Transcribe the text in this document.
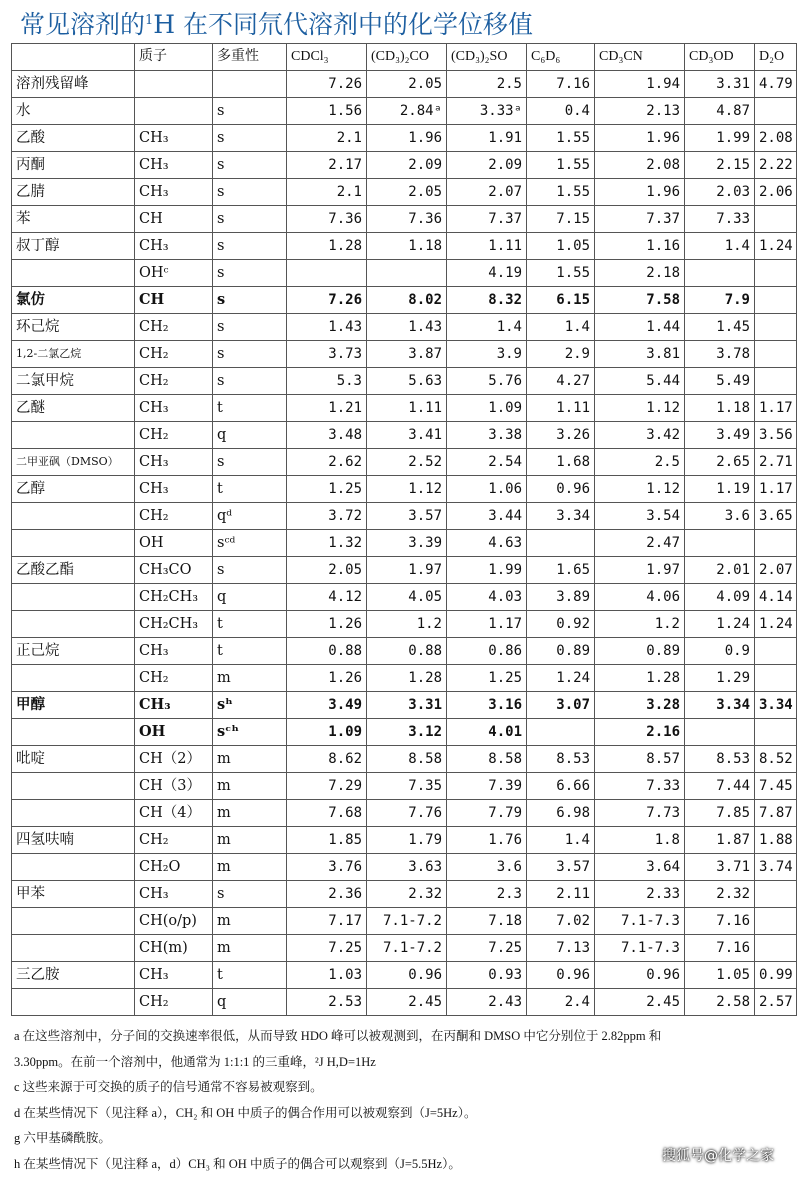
常见溶剂的$^1$H 在不同氘代溶剂中的化学位移值
	质子	多重性	CDCl₃	(CD₃)₂CO	(CD₃)₂SO	C₆D₆	CD₃CN	CD₃OD	D₂O
溶剂残留峰			7.26	2.05	2.5	7.16	1.94	3.31	4.79
水		s	1.56	2.84ᵃ	3.33ᵃ	0.4	2.13	4.87	
乙酸	CH₃	s	2.1	1.96	1.91	1.55	1.96	1.99	2.08
丙酮	CH₃	s	2.17	2.09	2.09	1.55	2.08	2.15	2.22
乙腈	CH₃	s	2.1	2.05	2.07	1.55	1.96	2.03	2.06
苯	CH	s	7.36	7.36	7.37	7.15	7.37	7.33	
叔丁醇	CH₃	s	1.28	1.18	1.11	1.05	1.16	1.4	1.24
	OHᶜ	s			4.19	1.55	2.18		
氯仿	CH	s	7.26	8.02	8.32	6.15	7.58	7.9	
环己烷	CH₂	s	1.43	1.43	1.4	1.4	1.44	1.45	
1,2-二氯乙烷	CH₂	s	3.73	3.87	3.9	2.9	3.81	3.78	
二氯甲烷	CH₂	s	5.3	5.63	5.76	4.27	5.44	5.49	
乙醚	CH₃	t	1.21	1.11	1.09	1.11	1.12	1.18	1.17
	CH₂	q	3.48	3.41	3.38	3.26	3.42	3.49	3.56
二甲亚砜（DMSO）	CH₃	s	2.62	2.52	2.54	1.68	2.5	2.65	2.71
乙醇	CH₃	t	1.25	1.12	1.06	0.96	1.12	1.19	1.17
	CH₂	qᵈ	3.72	3.57	3.44	3.34	3.54	3.6	3.65
	OH	sᶜᵈ	1.32	3.39	4.63		2.47		
乙酸乙酯	CH₃CO	s	2.05	1.97	1.99	1.65	1.97	2.01	2.07
	CH₂CH₃	q	4.12	4.05	4.03	3.89	4.06	4.09	4.14
	CH₂CH₃	t	1.26	1.2	1.17	0.92	1.2	1.24	1.24
正己烷	CH₃	t	0.88	0.88	0.86	0.89	0.89	0.9	
	CH₂	m	1.26	1.28	1.25	1.24	1.28	1.29	
甲醇	CH₃	sʰ	3.49	3.31	3.16	3.07	3.28	3.34	3.34
	OH	sᶜʰ	1.09	3.12	4.01		2.16		
吡啶	CH（2）	m	8.62	8.58	8.58	8.53	8.57	8.53	8.52
	CH（3）	m	7.29	7.35	7.39	6.66	7.33	7.44	7.45
	CH（4）	m	7.68	7.76	7.79	6.98	7.73	7.85	7.87
四氢呋喃	CH₂	m	1.85	1.79	1.76	1.4	1.8	1.87	1.88
	CH₂O	m	3.76	3.63	3.6	3.57	3.64	3.71	3.74
甲苯	CH₃	s	2.36	2.32	2.3	2.11	2.33	2.32	
	CH(o/p)	m	7.17	7.1-7.2	7.18	7.02	7.1-7.3	7.16	
	CH(m)	m	7.25	7.1-7.2	7.25	7.13	7.1-7.3	7.16	
三乙胺	CH₃	t	1.03	0.96	0.93	0.96	0.96	1.05	0.99
	CH₂	q	2.53	2.45	2.43	2.4	2.45	2.58	2.57
a 在这些溶剂中，分子间的交换速率很低，从而导致 HDO 峰可以被观测到，在丙酮和 DMSO 中它分别位于 2.82ppm 和
3.30ppm。在前一个溶剂中，他通常为 1:1:1 的三重峰，²J H,D=1Hz
c 这些来源于可交换的质子的信号通常不容易被观察到。
d 在某些情况下（见注释 a），CH₂ 和 OH 中质子的偶合作用可以被观察到（J=5Hz）。
g 六甲基磷酰胺。
h 在某些情况下（见注释 a，d）CH₃ 和 OH 中质子的偶合可以观察到（J=5.5Hz）。	搜狐号@化学之家
